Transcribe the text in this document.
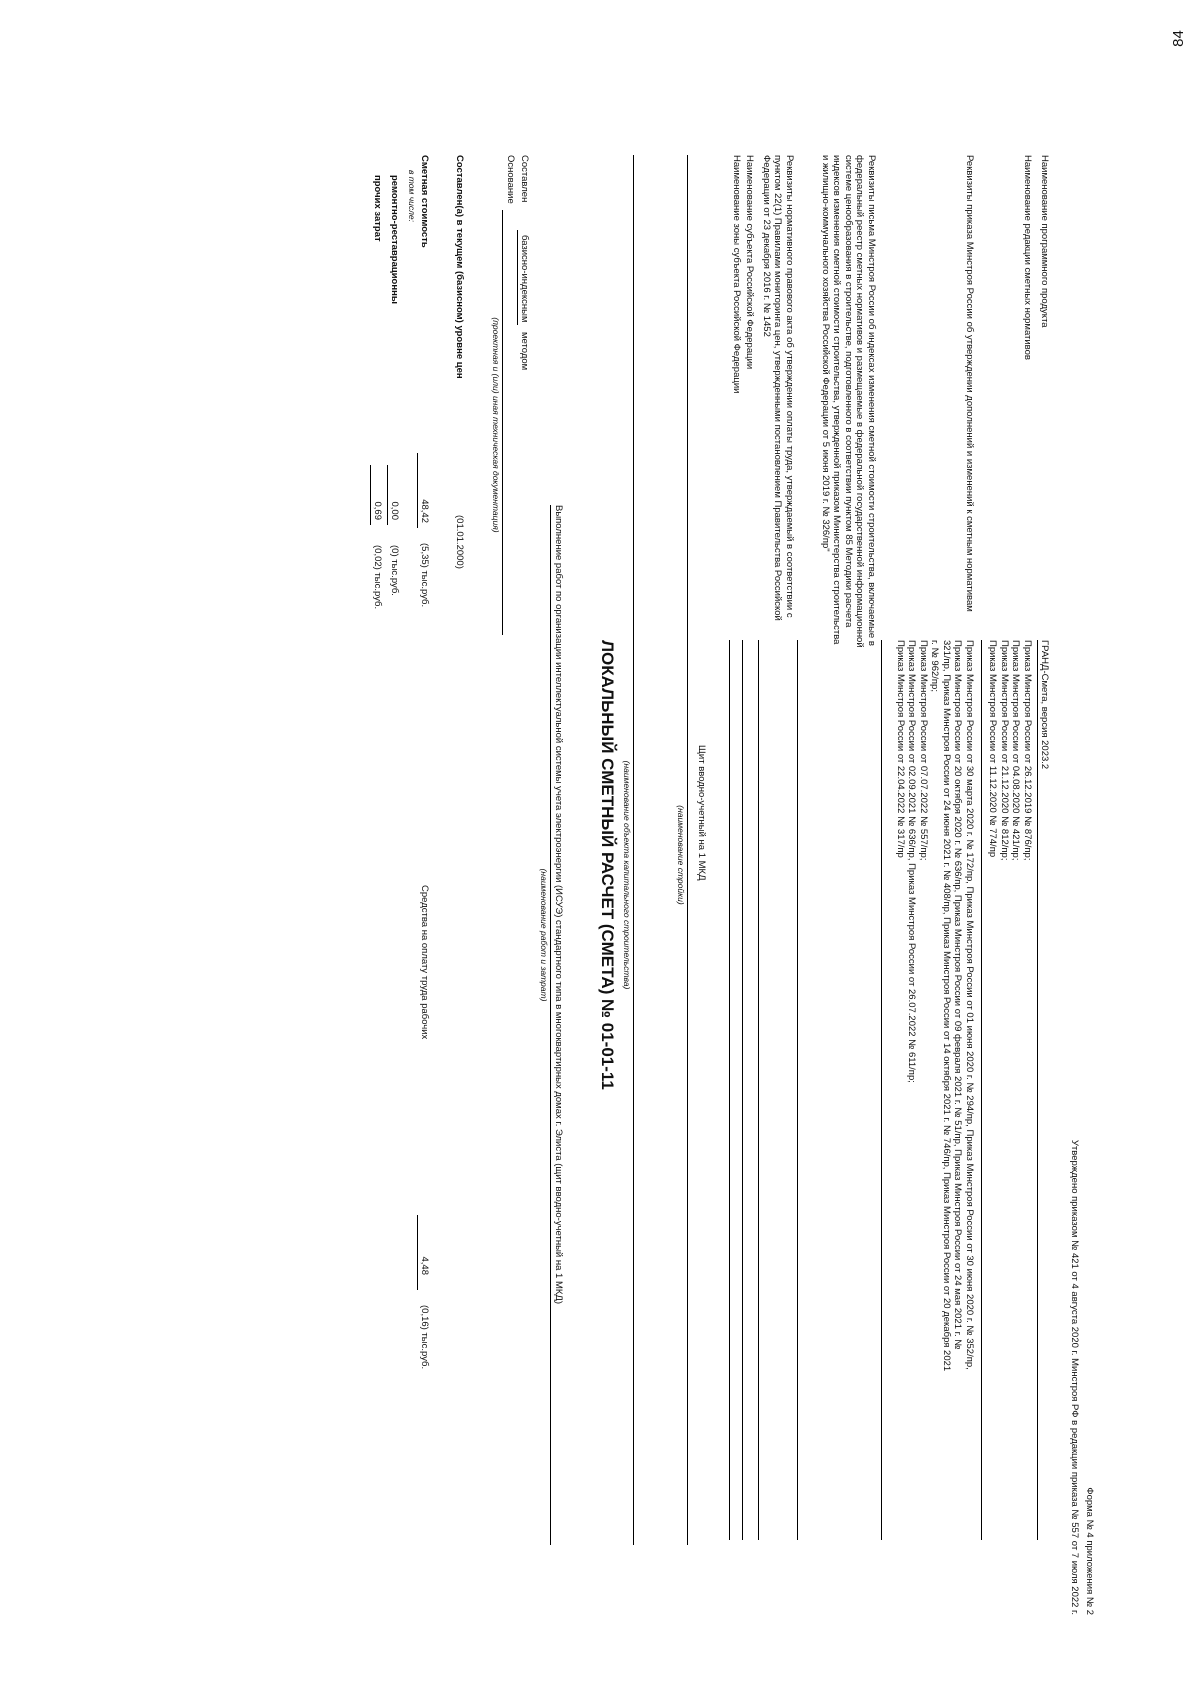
84
Форма № 4 приложения № 2
Утверждено приказом № 421 от 4 августа 2020 г. Минстроя РФ в редакции приказа № 557 от 7 июля 2022 г.
Наименование программного продукта
ГРАНД-Смета, версия 2023.2
Наименование редакции сметных нормативов
Приказ Минстроя России от 26.12.2019 № 876/пр;
Приказ Минстроя России от 04.08.2020 № 421/пр;
Приказ Минстроя России от 21.12.2020 № 812/пр;
Приказ Минстроя России от 11.12.2020 № 774/пр
Реквизиты приказа Минстроя России об утверждении дополнений и изменений к сметным нормативам
Приказ Минстроя России от 30 марта 2020 г. № 172/пр, Приказ Минстроя России от 01 июня 2020 г. № 294/пр, Приказ Минстроя России от 30 июня 2020 г. № 352/пр,
Приказ Минстроя России от 20 октября 2020 г. № 636/пр, Приказ Минстроя России от 09 февраля 2021 г. № 51/пр, Приказ Минстроя России от 24 мая 2021 г. №
321/пр, Приказ Минстроя России от 24 июня 2021 г. № 408/пр, Приказ Минстроя России от 14 октября 2021 г. № 746/пр, Приказ Минстроя России от 20 декабря 2021
г. № 962/пр;
Приказ Минстроя России от 07.07.2022 № 557/пр;
Приказ Минстроя России от 02.09.2021 № 636/пр, Приказ Минстроя России от 26.07.2022 № 611/пр;
Приказ Минстроя России от 22.04.2022 № 317/пр
Реквизиты письма Минстроя России об индексах изменения сметной стоимости строительства, включаемые в
федеральный реестр сметных нормативов и размещаемые в федеральной государственной информационной
системе ценообразования в строительстве, подготовленного в соответствии пунктом 85 Методики расчета
индексов изменения сметной стоимости строительства, утвержденной приказом Министерства строительства
и жилищно-коммунального хозяйства Российской Федерации от 5 июня 2019 г. № 326/пр"
Реквизиты нормативного правового акта об утверждении оплаты труда, утверждаемый в соответствии с
пунктом 22(1) Правилами мониторинга цен, утвержденными постановлением Правительства Российской
Федерации от 23 декабря 2016 г. № 1452
Наименование субъекта Российской Федерации
Наименование зоны субъекта Российской Федерации
Щит вводно-учетный на 1 МКД
(наименование стройки)
(наименование объекта капитального строительства)
ЛОКАЛЬНЫЙ СМЕТНЫЙ РАСЧЕТ (СМЕТА) № 01-01-11
Выполнение работ по организации интеллектуальной системы учета электроэнергии (ИСУЭ) стандартного типа в многоквартирных домах г. Элиста (щит вводно-учетный на 1 МКД)
(наименование работ и затрат)
Составлен
базисно-индексным
методом
Основание
(проектная и (или) иная техническая документация)
Составлен(а) в текущем (базисном) уровне цен
(01.01.2000)
Сметная стоимость
48,42
(5,35) тыс.руб.
в том числе:
ремонтно-реставрационны
0,00
(0) тыс.руб.
прочих затрат
0,69
(0,02) тыс.руб.
Средства на оплату труда рабочих
4,48
(0,16) тыс.руб.
